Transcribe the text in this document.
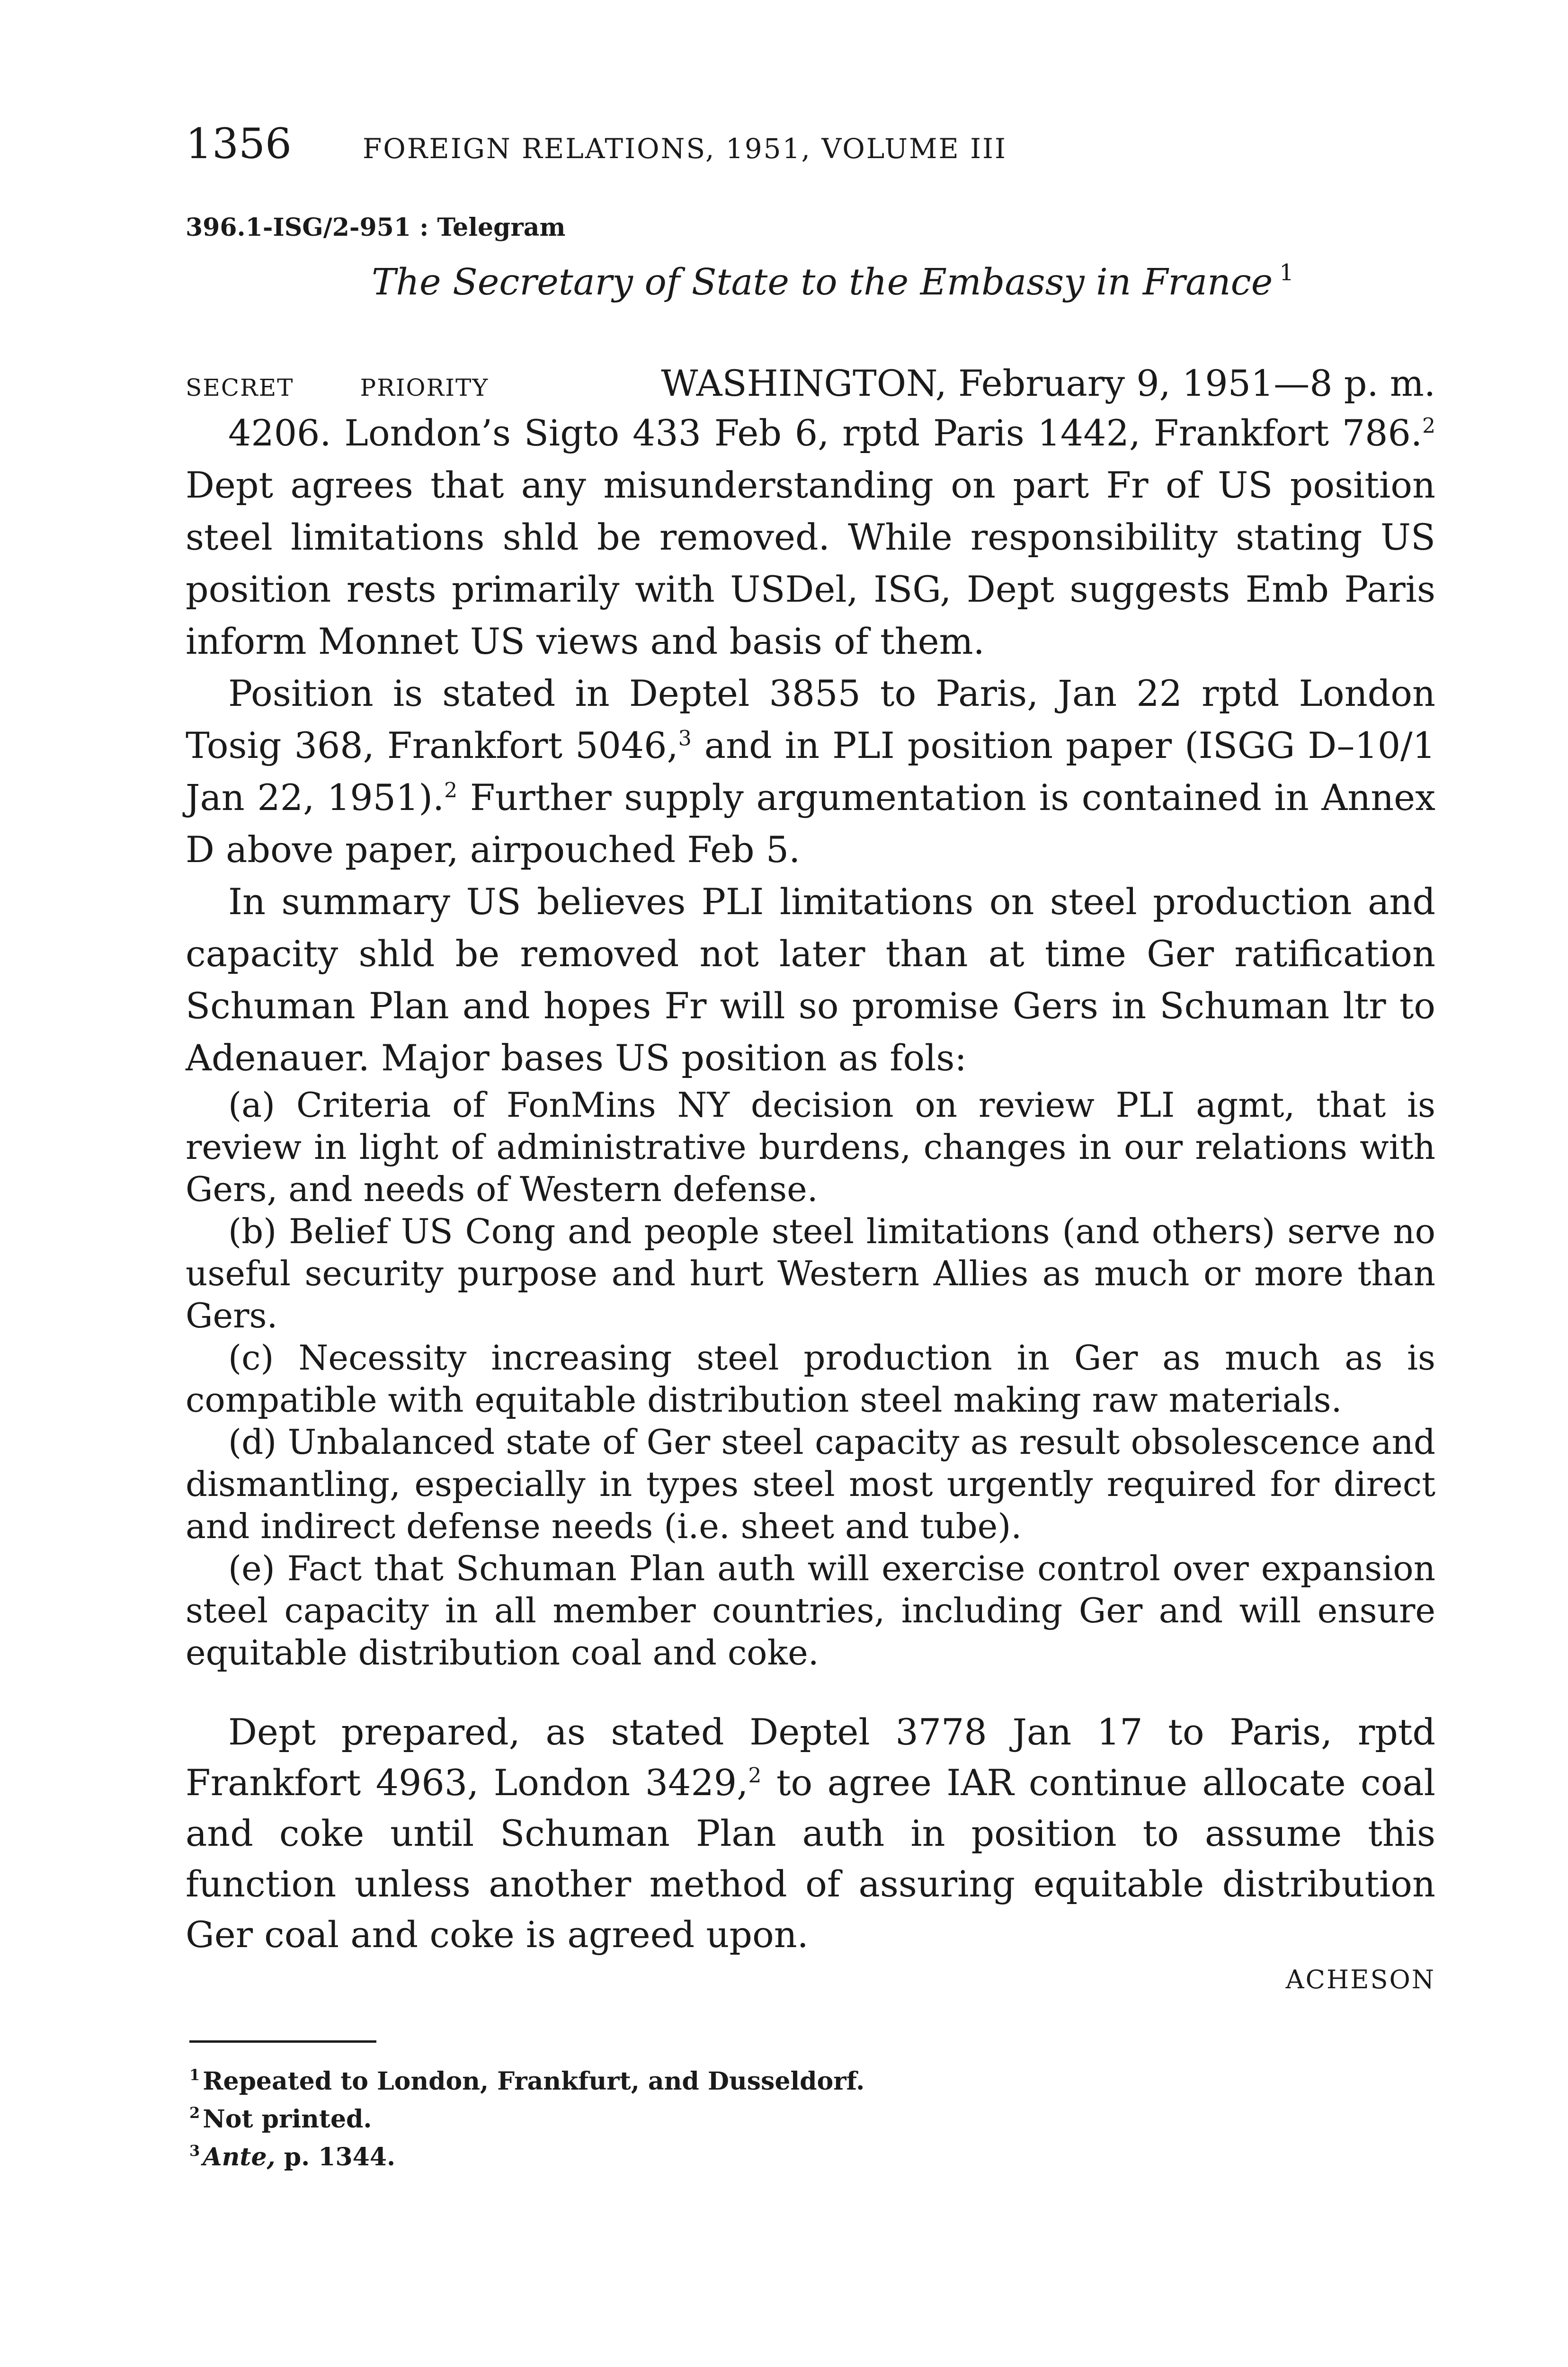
1356	FOREIGN RELATIONS, 1951, VOLUME III
396.1-ISG/2-951 : Telegram
The Secretary of State to the Embassy in France $^1$
SECRET	PRIORITY	WASHINGTON, February 9, 1951—8 p. m.

4206. London’s Sigto 433 Feb 6, rptd Paris 1442, Frankfort 786.$^2$ Dept agrees that any misunderstanding on part Fr of US position steel limitations shld be removed. While responsibility stating US position rests primarily with USDel, ISG, Dept suggests Emb Paris inform Monnet US views and basis of them.

Position is stated in Deptel 3855 to Paris, Jan 22 rptd London Tosig 368, Frankfort 5046,$^3$ and in PLI position paper (ISGG D–10/1 Jan 22, 1951).$^2$ Further supply argumentation is contained in Annex D above paper, airpouched Feb 5.

In summary US believes PLI limitations on steel production and capacity shld be removed not later than at time Ger ratification Schuman Plan and hopes Fr will so promise Gers in Schuman ltr to Adenauer. Major bases US position as fols:

(a) Criteria of FonMins NY decision on review PLI agmt, that is review in light of administrative burdens, changes in our relations with Gers, and needs of Western defense.

(b) Belief US Cong and people steel limitations (and others) serve no useful security purpose and hurt Western Allies as much or more than Gers.

(c) Necessity increasing steel production in Ger as much as is compatible with equitable distribution steel making raw materials.

(d) Unbalanced state of Ger steel capacity as result obsolescence and dismantling, especially in types steel most urgently required for direct and indirect defense needs (i.e. sheet and tube).

(e) Fact that Schuman Plan auth will exercise control over expansion steel capacity in all member countries, including Ger and will ensure equitable distribution coal and coke.

Dept prepared, as stated Deptel 3778 Jan 17 to Paris, rptd Frankfort 4963, London 3429,$^2$ to agree IAR continue allocate coal and coke until Schuman Plan auth in position to assume this function unless another method of assuring equitable distribution Ger coal and coke is agreed upon.

ACHESON

$^1$ Repeated to London, Frankfurt, and Dusseldorf.

$^2$ Not printed.

$^3$ Ante, p. 1344.
